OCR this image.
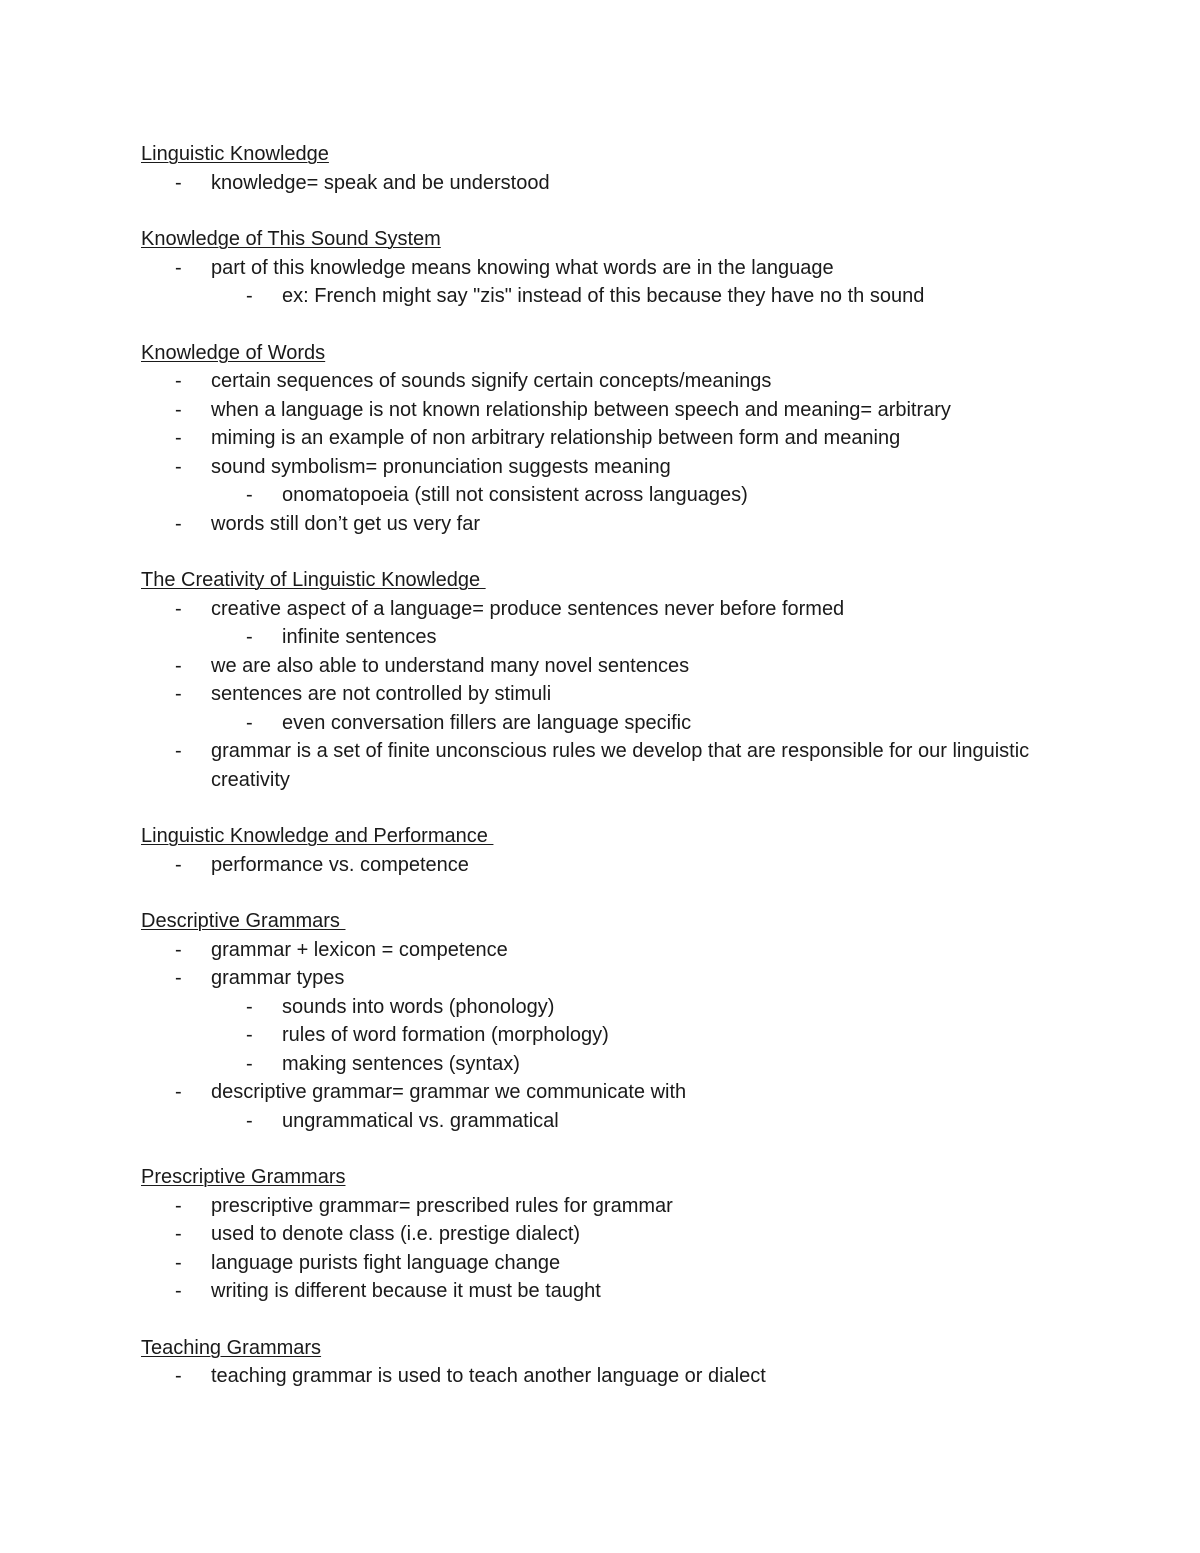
Linguistic Knowledge
- knowledge= speak and be understood
Knowledge of This Sound System
- part of this knowledge means knowing what words are in the language
- ex: French might say "zis" instead of this because they have no th sound
Knowledge of Words
- certain sequences of sounds signify certain concepts/meanings
- when a language is not known relationship between speech and meaning= arbitrary
- miming is an example of non arbitrary relationship between form and meaning
- sound symbolism= pronunciation suggests meaning
- onomatopoeia (still not consistent across languages)
- words still don’t get us very far
The Creativity of Linguistic Knowledge
- creative aspect of a language= produce sentences never before formed
- infinite sentences
- we are also able to understand many novel sentences
- sentences are not controlled by stimuli
- even conversation fillers are language specific
- grammar is a set of finite unconscious rules we develop that are responsible for our linguistic creativity
Linguistic Knowledge and Performance
- performance vs. competence
Descriptive Grammars
- grammar + lexicon = competence
- grammar types
- sounds into words (phonology)
- rules of word formation (morphology)
- making sentences (syntax)
- descriptive grammar= grammar we communicate with
- ungrammatical vs. grammatical
Prescriptive Grammars
- prescriptive grammar= prescribed rules for grammar
- used to denote class (i.e. prestige dialect)
- language purists fight language change
- writing is different because it must be taught
Teaching Grammars
- teaching grammar is used to teach another language or dialect
